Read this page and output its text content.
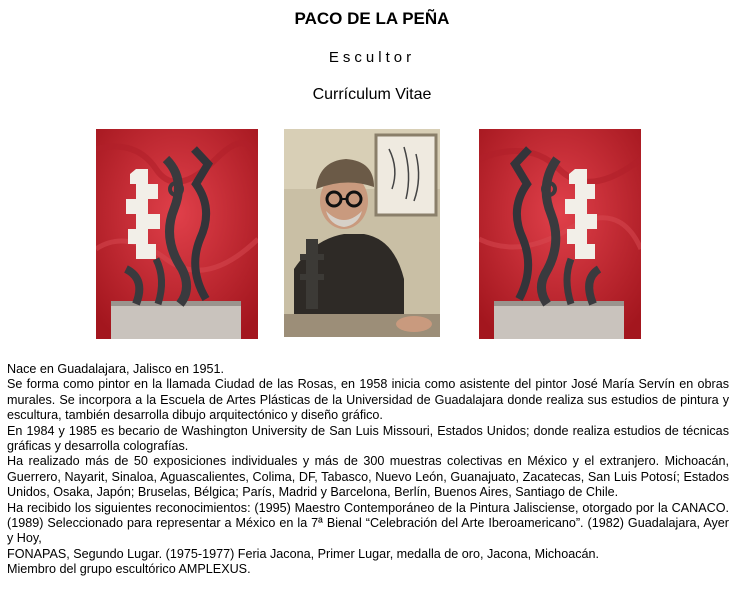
PACO DE LA PEÑA
Escultor
Currículum Vitae

Nace en Guadalajara, Jalisco en 1951.

Se forma como pintor en la llamada Ciudad de las Rosas, en 1958 inicia como asistente del pintor José María Servín en obras murales. Se incorpora a la Escuela de Artes Plásticas de la Universidad de Guadalajara donde realiza sus estudios de pintura y escultura, también desarrolla dibujo arquitectónico y diseño gráfico.

En 1984 y 1985 es becario de Washington University de San Luis Missouri, Estados Unidos; donde realiza estudios de técnicas gráficas y desarrolla colografías.

Ha realizado más de 50 exposiciones individuales y más de 300 muestras colectivas en México y el extranjero. Michoacán, Guerrero, Nayarit, Sinaloa, Aguascalientes, Colima, DF, Tabasco, Nuevo León, Guanajuato, Zacatecas, San Luis Potosí; Estados Unidos, Osaka, Japón; Bruselas, Bélgica; París, Madrid y Barcelona, Berlín, Buenos Aires, Santiago de Chile.

Ha recibido los siguientes reconocimientos: (1995) Maestro Contemporáneo de la Pintura Jalisciense, otorgado por la CANACO. (1989) Seleccionado para representar a México en la 7ª Bienal “Celebración del Arte Iberoamericano”. (1982) Guadalajara, Ayer y Hoy,

FONAPAS, Segundo Lugar. (1975-1977) Feria Jacona, Primer Lugar, medalla de oro, Jacona, Michoacán.

Miembro del grupo escultórico AMPLEXUS.
